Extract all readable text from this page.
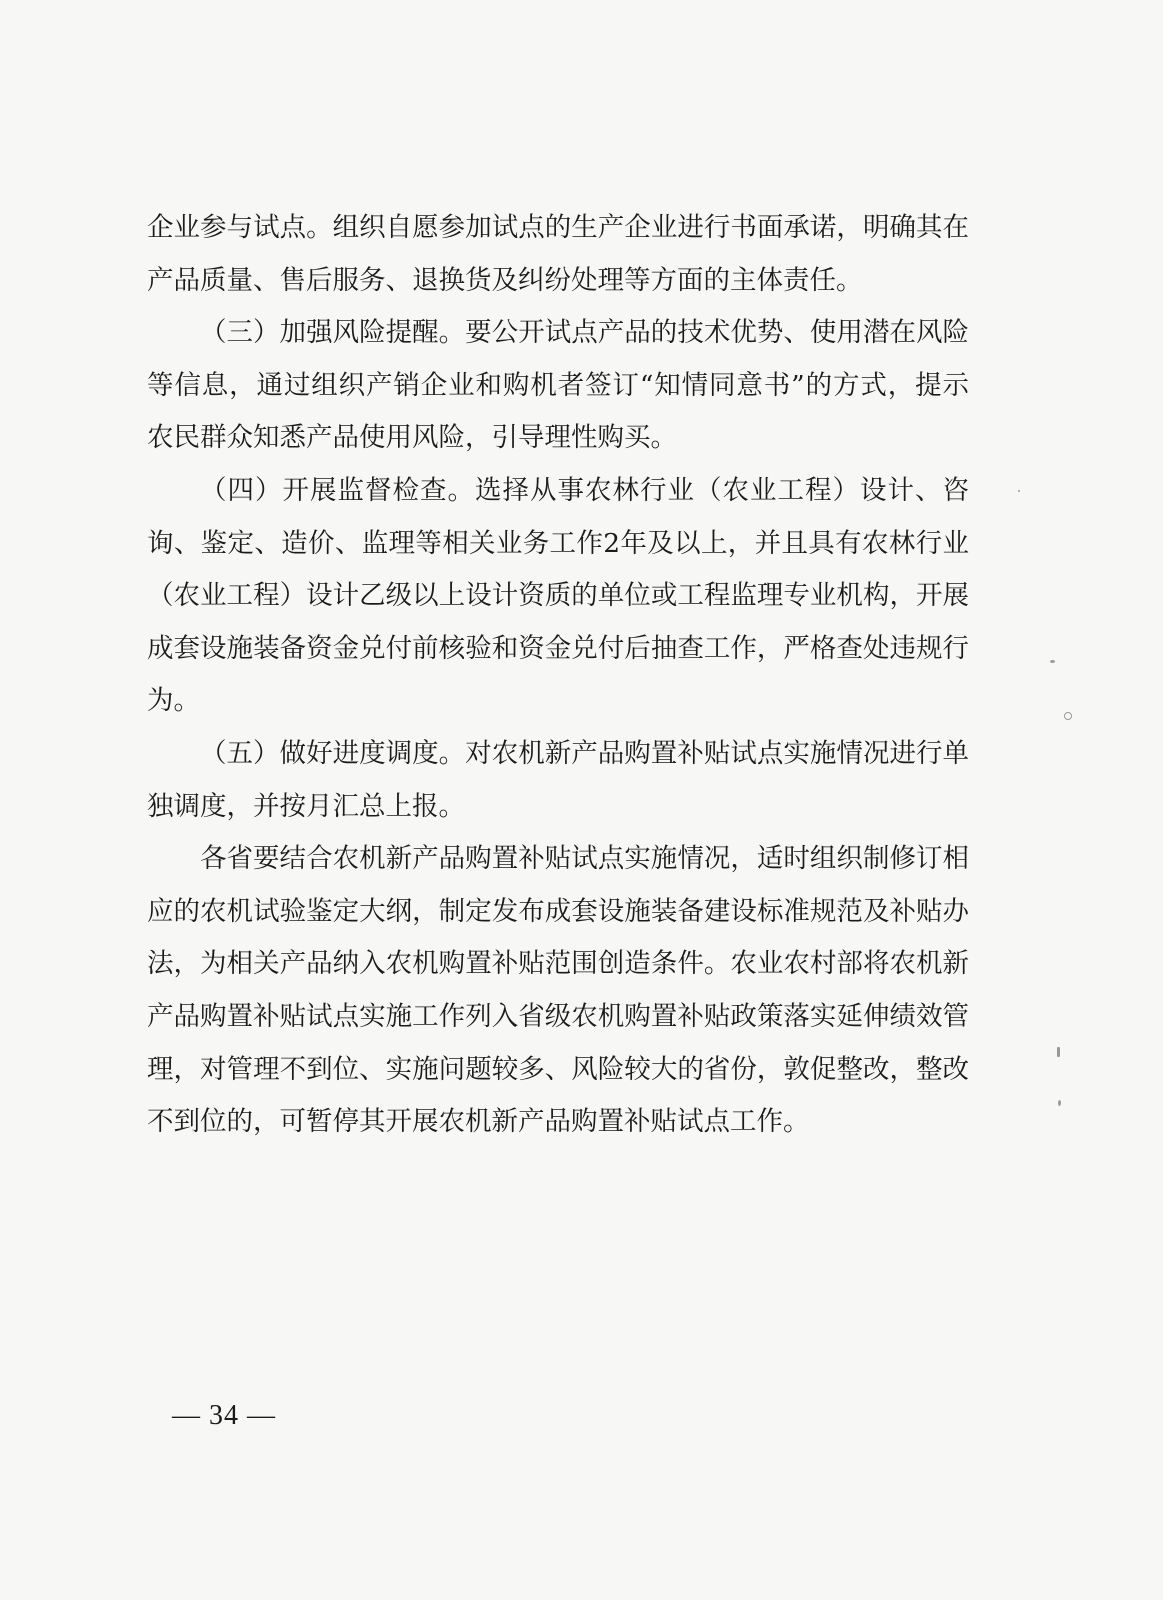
企业参与试点。组织自愿参加试点的生产企业进行书面承诺，明确其在产品质量、售后服务、退换货及纠纷处理等方面的主体责任。

（三）加强风险提醒。要公开试点产品的技术优势、使用潜在风险等信息，通过组织产销企业和购机者签订“知情同意书”的方式，提示农民群众知悉产品使用风险，引导理性购买。

（四）开展监督检查。选择从事农林行业（农业工程）设计、咨询、鉴定、造价、监理等相关业务工作2年及以上，并且具有农林行业（农业工程）设计乙级以上设计资质的单位或工程监理专业机构，开展成套设施装备资金兑付前核验和资金兑付后抽查工作，严格查处违规行为。

（五）做好进度调度。对农机新产品购置补贴试点实施情况进行单独调度，并按月汇总上报。

各省要结合农机新产品购置补贴试点实施情况，适时组织制修订相应的农机试验鉴定大纲，制定发布成套设施装备建设标准规范及补贴办法，为相关产品纳入农机购置补贴范围创造条件。农业农村部将农机新产品购置补贴试点实施工作列入省级农机购置补贴政策落实延伸绩效管理，对管理不到位、实施问题较多、风险较大的省份，敦促整改，整改不到位的，可暂停其开展农机新产品购置补贴试点工作。

— 34 —
